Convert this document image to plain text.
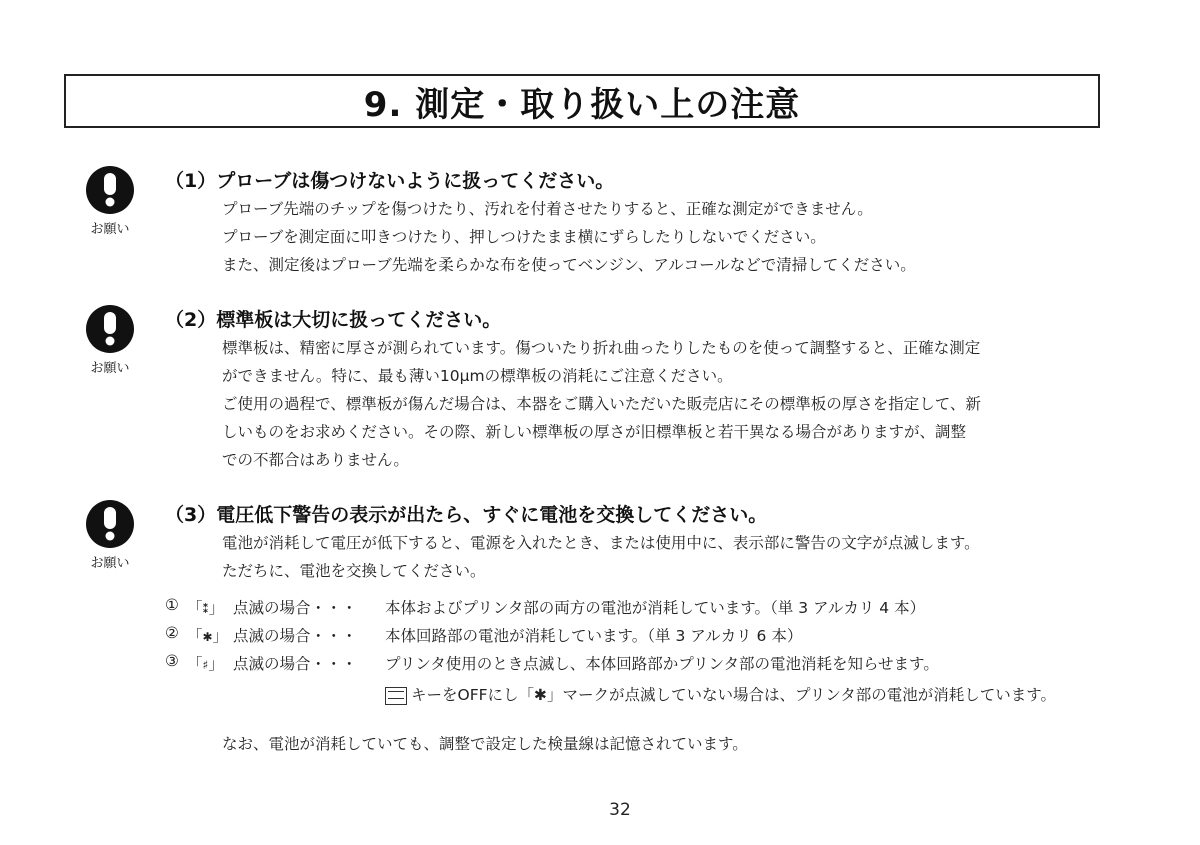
9. 測定・取り扱い上の注意
お願い
（1）プローブは傷つけないように扱ってください。
プローブ先端のチップを傷つけたり、汚れを付着させたりすると、正確な測定ができません。
プローブを測定面に叩きつけたり、押しつけたまま横にずらしたりしないでください。
また、測定後はプローブ先端を柔らかな布を使ってベンジン、アルコールなどで清掃してください。
お願い
（2）標準板は大切に扱ってください。
標準板は、精密に厚さが測られています。傷ついたり折れ曲ったりしたものを使って調整すると、正確な測定
ができません。特に、最も薄い10μmの標準板の消耗にご注意ください。
ご使用の過程で、標準板が傷んだ場合は、本器をご購入いただいた販売店にその標準板の厚さを指定して、新
しいものをお求めください。その際、新しい標準板の厚さが旧標準板と若干異なる場合がありますが、調整
での不都合はありません。
お願い
（3）電圧低下警告の表示が出たら、すぐに電池を交換してください。
電池が消耗して電圧が低下すると、電源を入れたとき、または使用中に、表示部に警告の文字が点滅します。
ただちに、電池を交換してください。
① 「⁑」 点滅の場合・・・ 本体およびプリンタ部の両方の電池が消耗しています。（単 3 アルカリ 4 本）
② 「✱」 点滅の場合・・・ 本体回路部の電池が消耗しています。（単 3 アルカリ 6 本）
③ 「♯」 点滅の場合・・・ プリンタ使用のとき点滅し、本体回路部かプリンタ部の電池消耗を知らせます。
キーをOFFにし「✱」マークが点滅していない場合は、プリンタ部の電池が消耗しています。
なお、電池が消耗していても、調整で設定した検量線は記憶されています。
32
